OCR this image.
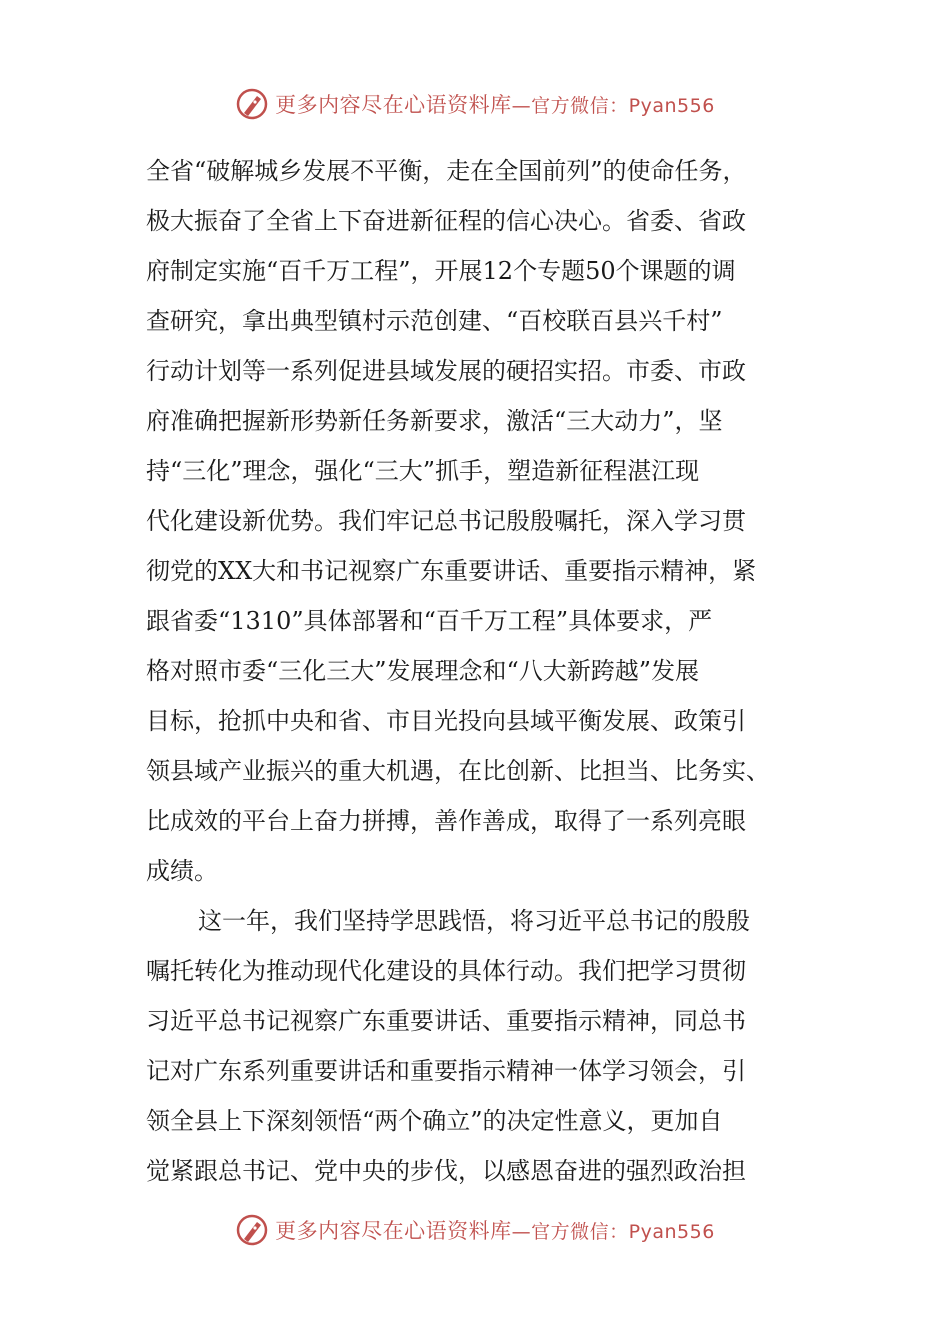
更多内容尽在心语资料库 —官方微信：Pyan556
全省“破解城乡发展不平衡，走在全国前列”的使命任务，
极大振奋了全省上下奋进新征程的信心决心。省委、省政
府制定实施“百千万工程”，开展12个专题50个课题的调
查研究，拿出典型镇村示范创建、“百校联百县兴千村”
行动计划等一系列促进县域发展的硬招实招。市委、市政
府准确把握新形势新任务新要求，激活“三大动力”，坚
持“三化”理念，强化“三大”抓手，塑造新征程湛江现
代化建设新优势。我们牢记总书记殷殷嘱托，深入学习贯
彻党的XX大和书记视察广东重要讲话、重要指示精神，紧
跟省委“1310”具体部署和“百千万工程”具体要求，严
格对照市委“三化三大”发展理念和“八大新跨越”发展
目标，抢抓中央和省、市目光投向县域平衡发展、政策引
领县域产业振兴的重大机遇，在比创新、比担当、比务实、
比成效的平台上奋力拼搏，善作善成，取得了一系列亮眼
成绩。
这一年，我们坚持学思践悟，将习近平总书记的殷殷
嘱托转化为推动现代化建设的具体行动。我们把学习贯彻
习近平总书记视察广东重要讲话、重要指示精神，同总书
记对广东系列重要讲话和重要指示精神一体学习领会，引
领全县上下深刻领悟“两个确立”的决定性意义，更加自
觉紧跟总书记、党中央的步伐，以感恩奋进的强烈政治担
更多内容尽在心语资料库 —官方微信：Pyan556
